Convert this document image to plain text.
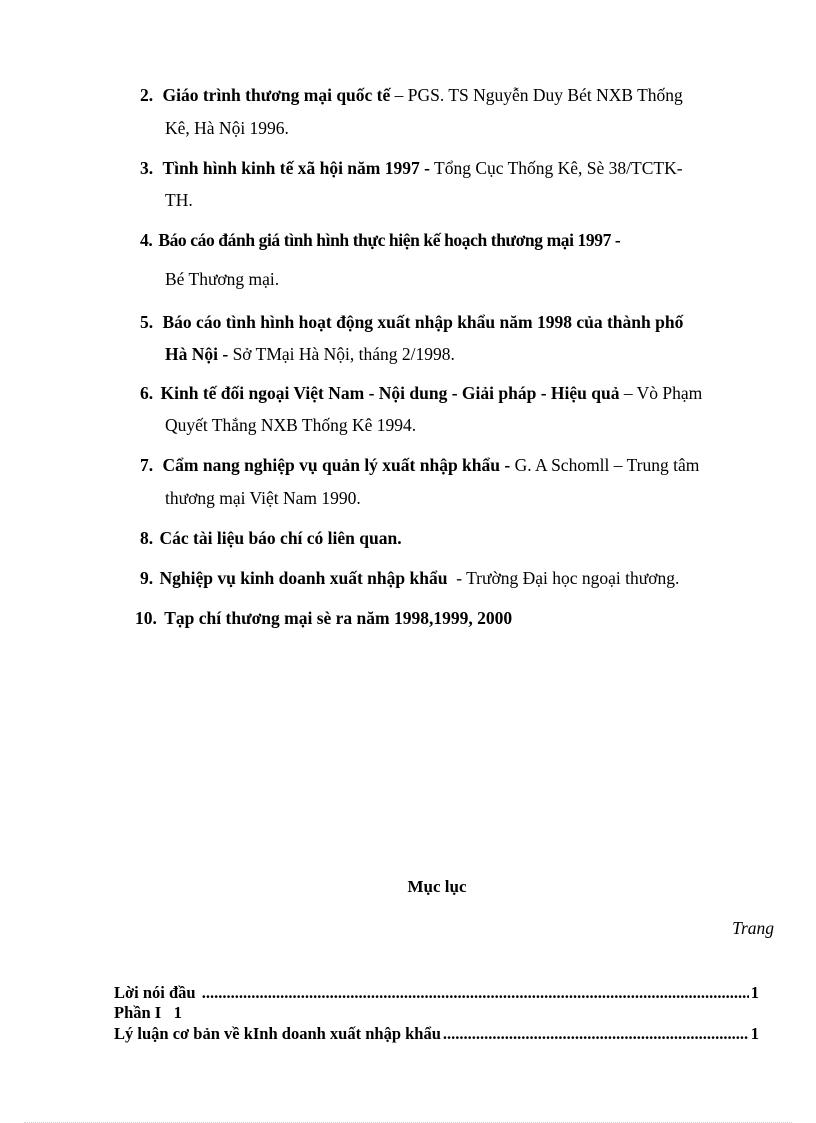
2. Giáo trình thương mại quốc tế – PGS. TS Nguyễn Duy Bét NXB Thống
Kê, Hà Nội 1996.
3. Tình hình kinh tế xã hội năm 1997 - Tổng Cục Thống Kê, Sè 38/TCTK-
TH.
4. Báo cáo đánh giá tình hình thực hiện kế hoạch thương mại 1997 -
Bé Thương mại.
5. Báo cáo tình hình hoạt động xuất nhập khẩu năm 1998 của thành phố
Hà Nội - Sở TMại Hà Nội, tháng 2/1998.
6. Kinh tế đối ngoại Việt Nam - Nội dung - Giải pháp - Hiệu quả – Vò Phạm
Quyết Thắng NXB Thống Kê 1994.
7. Cẩm nang nghiệp vụ quản lý xuất nhập khẩu - G. A Schomll – Trung tâm
thương mại Việt Nam 1990.
8. Các tài liệu báo chí có liên quan.
9. Nghiệp vụ kinh doanh xuất nhập khẩu  - Trường Đại học ngoại thương.
10. Tạp chí thương mại sè ra năm 1998,1999, 2000
Mục lục
Trang
Lời nói đầu .....	1
Phần I   1
Lý luận cơ bản về kInh doanh xuất nhập khẩu .....	1
